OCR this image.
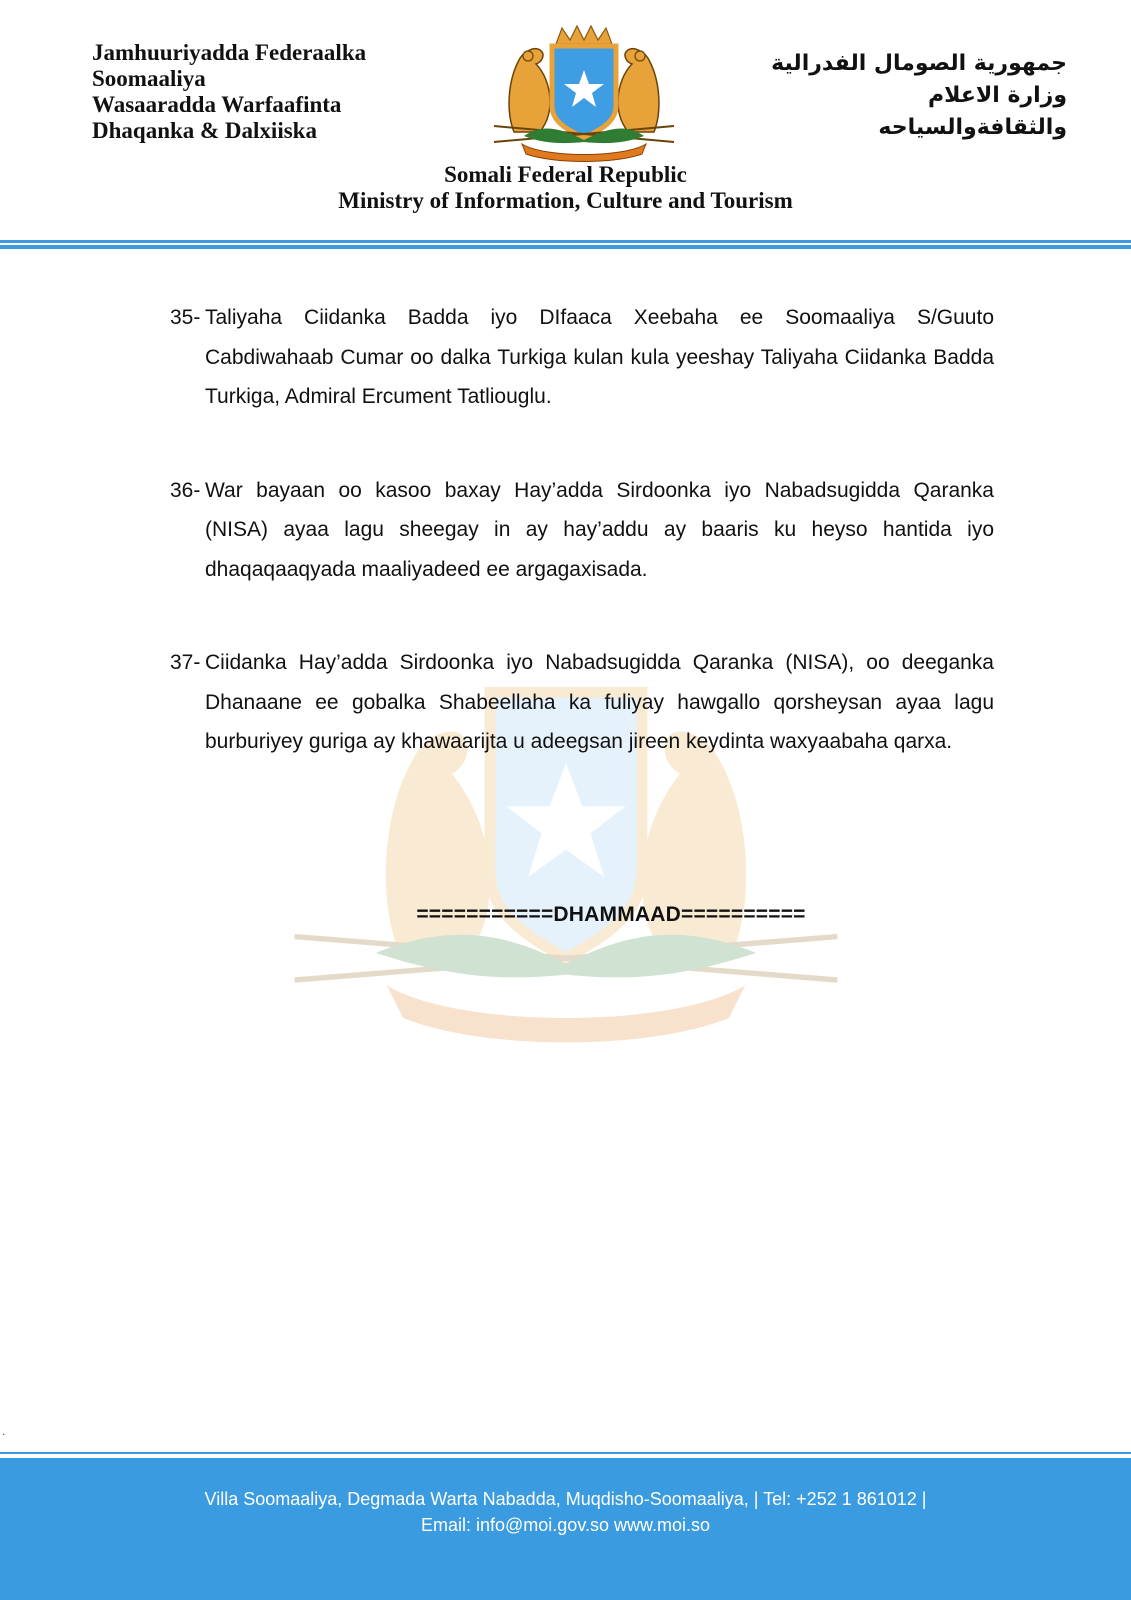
Jamhuuriyadda Federaalka
Soomaaliya
Wasaaradda Warfaafinta
Dhaqanka & Dalxiiska
جمهورية الصومال الفدرالية
وزارة الاعلام
والثقافةوالسياحه
Somali Federal Republic
Ministry of Information, Culture and Tourism
35- Taliyaha Ciidanka Badda iyo DIfaaca Xeebaha ee Soomaaliya S/Guuto Cabdiwahaab Cumar oo dalka Turkiga kulan kula yeeshay Taliyaha Ciidanka Badda Turkiga, Admiral Ercument Tatliouglu.
36- War bayaan oo kasoo baxay Hay’adda Sirdoonka iyo Nabadsugidda Qaranka (NISA) ayaa lagu sheegay in ay hay’addu ay baaris ku heyso hantida iyo dhaqaqaaqyada maaliyadeed ee argagaxisada.
37- Ciidanka Hay’adda Sirdoonka iyo Nabadsugidda Qaranka (NISA), oo deeganka Dhanaane ee gobalka Shabeellaha ka fuliyay hawgallo qorsheysan ayaa lagu burburiyey guriga ay khawaarijta u adeegsan jireen keydinta waxyaabaha qarxa.
===========DHAMMAAD==========
.
Villa Soomaaliya, Degmada Warta Nabadda, Muqdisho-Soomaaliya, | Tel: +252 1 861012 |
Email: info@moi.gov.so www.moi.so
